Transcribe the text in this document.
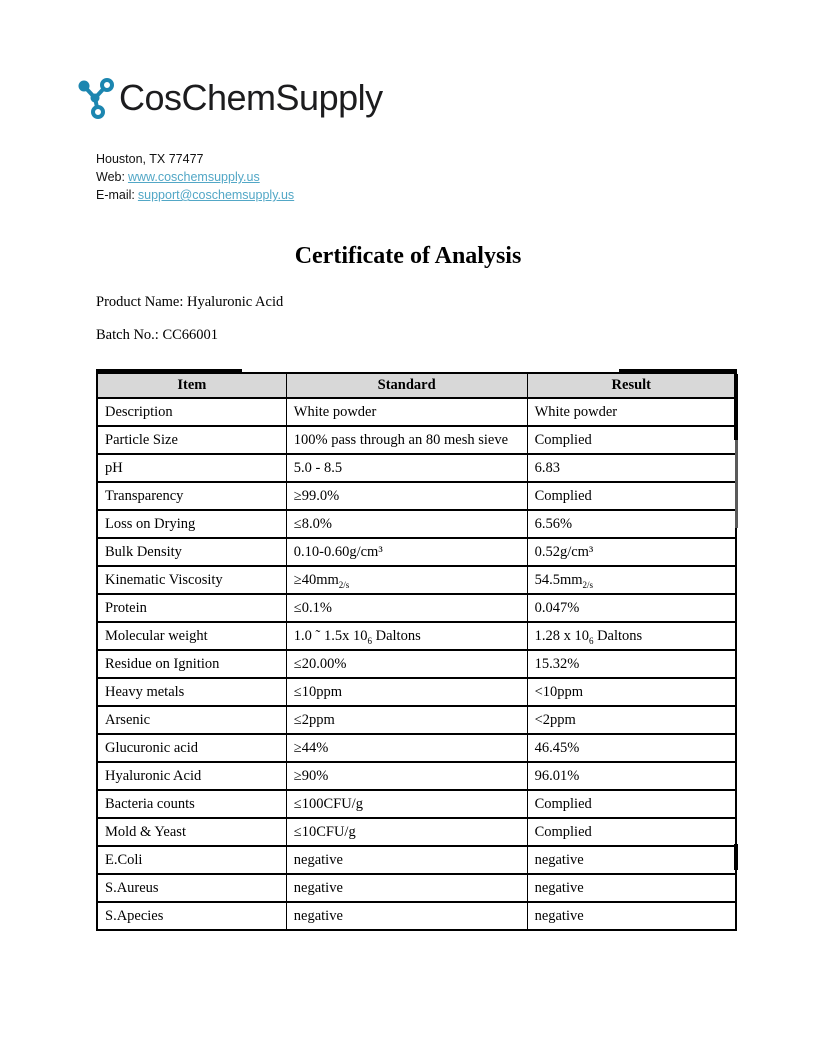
CosChemSupply
Houston, TX 77477
Web: www.coschemsupply.us
E-mail: support@coschemsupply.us
Certificate of Analysis
Product Name: Hyaluronic Acid
Batch No.: CC66001
Item	Standard	Result
Description	White powder	White powder
Particle Size	100% pass through an 80 mesh sieve	Complied
pH	5.0 - 8.5	6.83
Transparency	≥99.0%	Complied
Loss on Drying	≤8.0%	6.56%
Bulk Density	0.10-0.60g/cm³	0.52g/cm³
Kinematic Viscosity	$\ge 40mm_{2/s}$	$54.5mm_{2/s}$
Protein	≤0.1%	0.047%
Molecular weight	1.0 ˜ 1.5x $10_6$ Daltons	1.28 x $10_6$ Daltons
Residue on Ignition	≤20.00%	15.32%
Heavy metals	≤10ppm	<10ppm
Arsenic	≤2ppm	<2ppm
Glucuronic acid	≥44%	46.45%
Hyaluronic Acid	≥90%	96.01%
Bacteria counts	≤100CFU/g	Complied
Mold & Yeast	≤10CFU/g	Complied
E.Coli	negative	negative
S.Aureus	negative	negative
S.Apecies	negative	negative
